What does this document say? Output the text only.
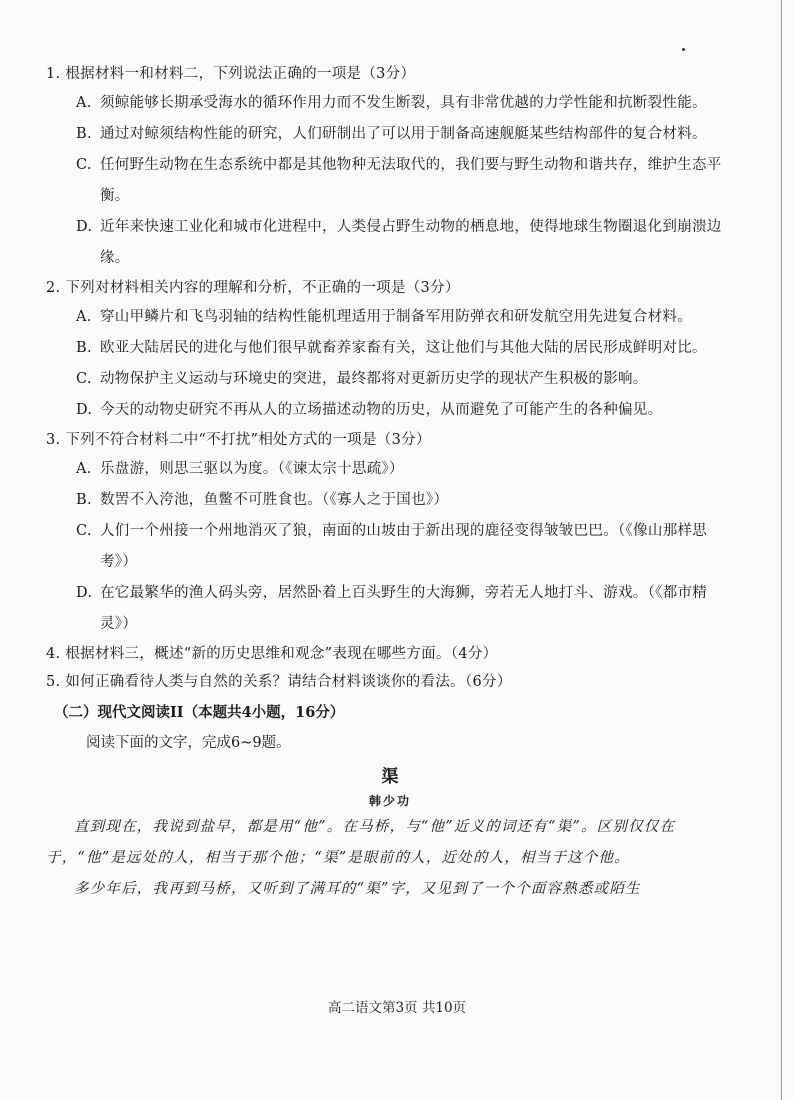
1. 根据材料一和材料二，下列说法正确的一项是（3分）

A. 须鲸能够长期承受海水的循环作用力而不发生断裂，具有非常优越的力学性能和抗断裂性能。

B. 通过对鲸须结构性能的研究，人们研制出了可以用于制备高速舰艇某些结构部件的复合材料。

C. 任何野生动物在生态系统中都是其他物种无法取代的，我们要与野生动物和谐共存，维护生态平衡。

D. 近年来快速工业化和城市化进程中，人类侵占野生动物的栖息地，使得地球生物圈退化到崩溃边缘。

2. 下列对材料相关内容的理解和分析，不正确的一项是（3分）

A. 穿山甲鳞片和飞鸟羽轴的结构性能机理适用于制备军用防弹衣和研发航空用先进复合材料。

B. 欧亚大陆居民的进化与他们很早就畜养家畜有关，这让他们与其他大陆的居民形成鲜明对比。

C. 动物保护主义运动与环境史的突进，最终都将对更新历史学的现状产生积极的影响。

D. 今天的动物史研究不再从人的立场描述动物的历史，从而避免了可能产生的各种偏见。

3. 下列不符合材料二中“不打扰”相处方式的一项是（3分）

A. 乐盘游，则思三驱以为度。（《谏太宗十思疏》）

B. 数罟不入洿池，鱼鳖不可胜食也。（《寡人之于国也》）

C. 人们一个州接一个州地消灭了狼，南面的山坡由于新出现的鹿径变得皱皱巴巴。（《像山那样思考》）

D. 在它最繁华的渔人码头旁，居然卧着上百头野生的大海狮，旁若无人地打斗、游戏。（《都市精灵》）

4. 根据材料三，概述“新的历史思维和观念”表现在哪些方面。（4分）

5. 如何正确看待人类与自然的关系？请结合材料谈谈你的看法。（6分）

（二）现代文阅读II（本题共4小题，16分）

阅读下面的文字，完成6~9题。

渠

韩少功

直到现在，我说到盐早，都是用“他”。在马桥，与“他”近义的词还有“渠”。区别仅仅在于，“他”是远处的人，相当于那个他；“渠”是眼前的人，近处的人，相当于这个他。

多少年后，我再到马桥，又听到了满耳的“渠”字，又见到了一个个面容熟悉或陌生

高二语文第3页 共10页
